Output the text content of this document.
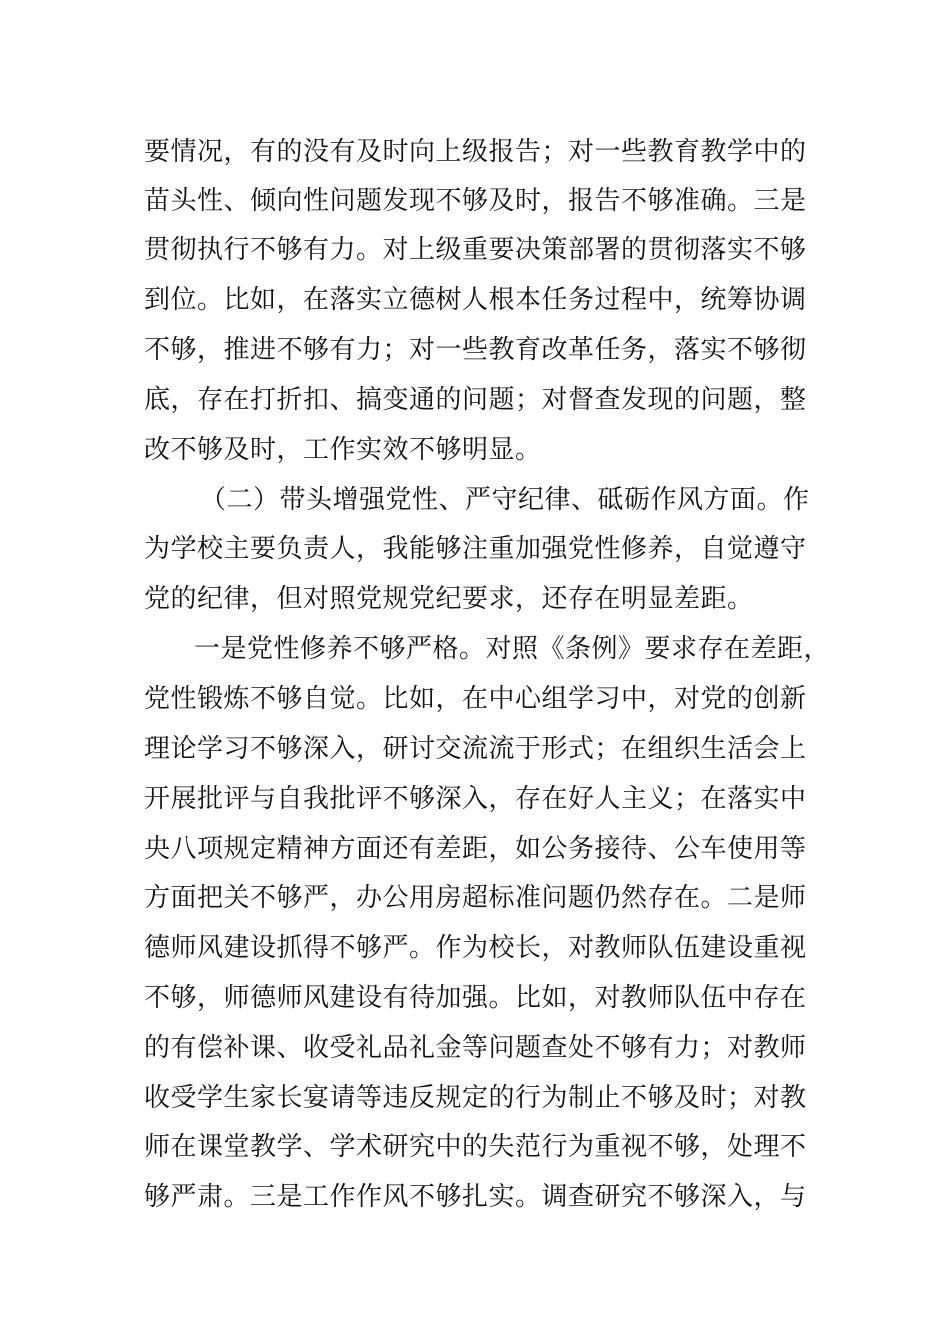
要情况，有的没有及时向上级报告；对一些教育教学中的
苗头性、倾向性问题发现不够及时，报告不够准确。三是
贯彻执行不够有力。对上级重要决策部署的贯彻落实不够
到位。比如，在落实立德树人根本任务过程中，统筹协调
不够，推进不够有力；对一些教育改革任务，落实不够彻
底，存在打折扣、搞变通的问题；对督查发现的问题，整
改不够及时，工作实效不够明显。
（二）带头增强党性、严守纪律、砥砺作风方面。作
为学校主要负责人，我能够注重加强党性修养，自觉遵守
党的纪律，但对照党规党纪要求，还存在明显差距。
一是党性修养不够严格。对照《条例》要求存在差距，
党性锻炼不够自觉。比如，在中心组学习中，对党的创新
理论学习不够深入，研讨交流流于形式；在组织生活会上
开展批评与自我批评不够深入，存在好人主义；在落实中
央八项规定精神方面还有差距，如公务接待、公车使用等
方面把关不够严，办公用房超标准问题仍然存在。二是师
德师风建设抓得不够严。作为校长，对教师队伍建设重视
不够，师德师风建设有待加强。比如，对教师队伍中存在
的有偿补课、收受礼品礼金等问题查处不够有力；对教师
收受学生家长宴请等违反规定的行为制止不够及时；对教
师在课堂教学、学术研究中的失范行为重视不够，处理不
够严肃。三是工作作风不够扎实。调查研究不够深入，与
